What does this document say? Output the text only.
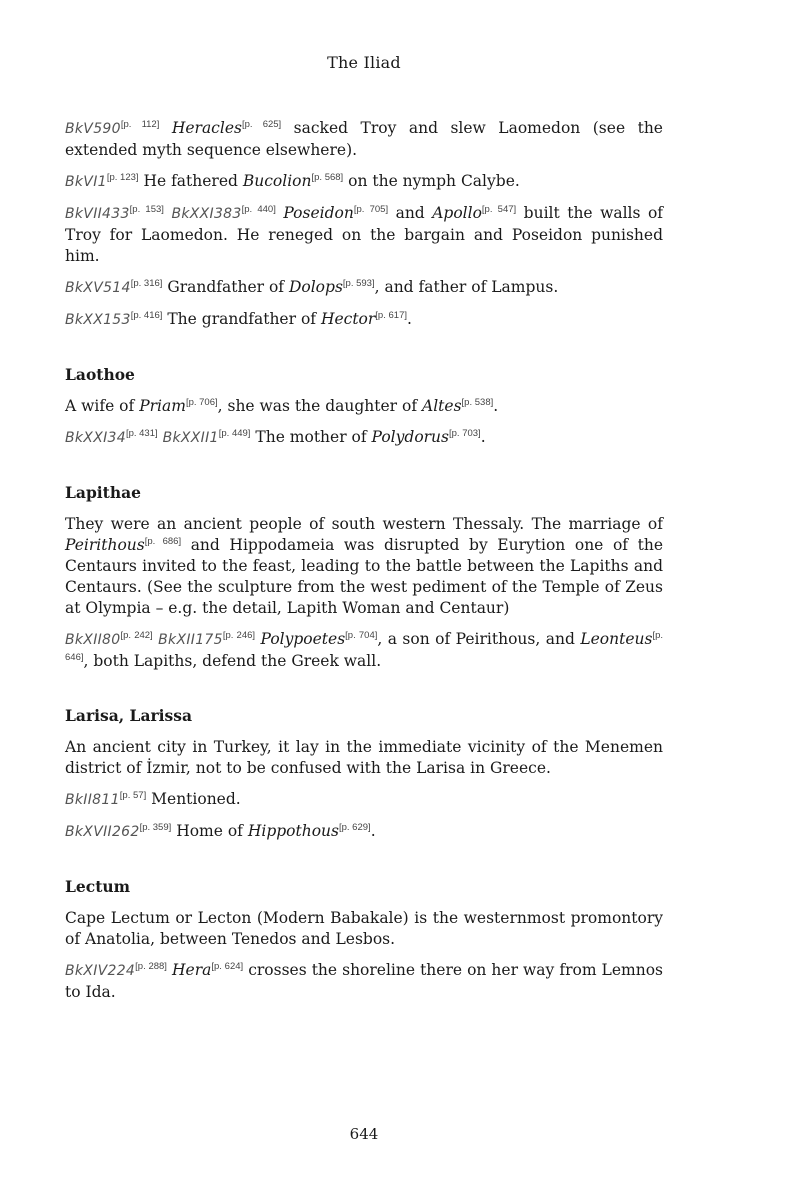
The Iliad

BkV590[p. 112] Heracles[p. 625] sacked Troy and slew Laomedon (see the extended myth sequence elsewhere).

BkVI1[p. 123] He fathered Bucolion[p. 568] on the nymph Calybe.

BkVII433[p. 153] BkXXI383[p. 440] Poseidon[p. 705] and Apollo[p. 547] built the walls of Troy for Laomedon. He reneged on the bargain and Poseidon punished him.

BkXV514[p. 316] Grandfather of Dolops[p. 593], and father of Lampus.

BkXX153[p. 416] The grandfather of Hector[p. 617].

Laothoe

A wife of Priam[p. 706], she was the daughter of Altes[p. 538].

BkXXI34[p. 431] BkXXII1[p. 449] The mother of Polydorus[p. 703].

Lapithae

They were an ancient people of south western Thessaly. The marriage of Peirithous[p. 686] and Hippodameia was disrupted by Eurytion one of the Centaurs invited to the feast, leading to the battle between the Lapiths and Centaurs. (See the sculpture from the west pediment of the Temple of Zeus at Olympia – e.g. the detail, Lapith Woman and Centaur)

BkXII80[p. 242] BkXII175[p. 246] Polypoetes[p. 704], a son of Peirithous, and Leonteus[p. 646], both Lapiths, defend the Greek wall.

Larisa, Larissa

An ancient city in Turkey, it lay in the immediate vicinity of the Menemen district of İzmir, not to be confused with the Larisa in Greece.

BkII811[p. 57] Mentioned.

BkXVII262[p. 359] Home of Hippothous[p. 629].

Lectum

Cape Lectum or Lecton (Modern Babakale) is the westernmost promontory of Anatolia, between Tenedos and Lesbos.

BkXIV224[p. 288] Hera[p. 624] crosses the shoreline there on her way from Lemnos to Ida.

644
